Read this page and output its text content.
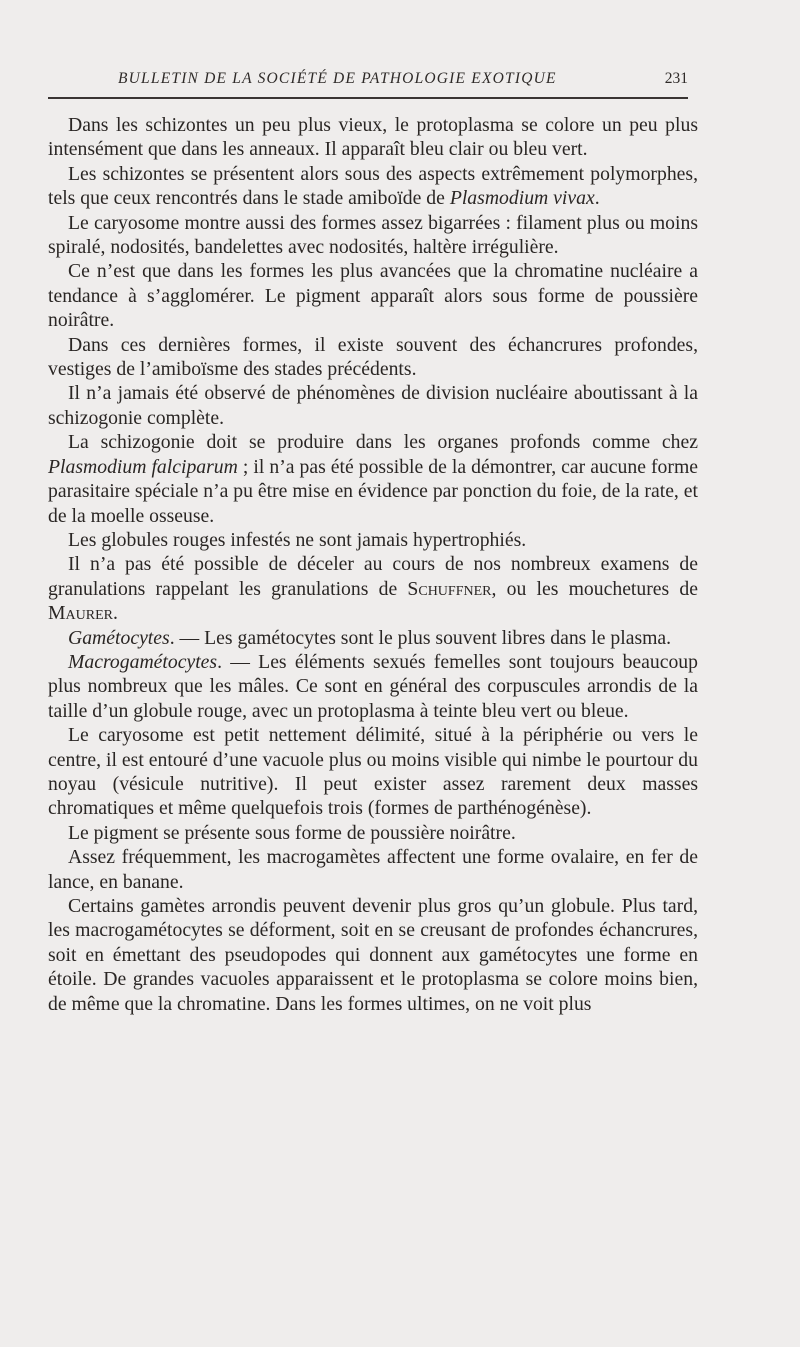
BULLETIN DE LA SOCIÉTÉ DE PATHOLOGIE EXOTIQUE	231

Dans les schizontes un peu plus vieux, le protoplasma se colore un peu plus intensément que dans les anneaux. Il apparaît bleu clair ou bleu vert.

Les schizontes se présentent alors sous des aspects extrêmement polymorphes, tels que ceux rencontrés dans le stade amiboïde de Plasmodium vivax.

Le caryosome montre aussi des formes assez bigarrées : filament plus ou moins spiralé, nodosités, bandelettes avec nodosités, haltère irrégulière.

Ce n’est que dans les formes les plus avancées que la chromatine nucléaire a tendance à s’agglomérer. Le pigment apparaît alors sous forme de poussière noirâtre.

Dans ces dernières formes, il existe souvent des échancrures profondes, vestiges de l’amiboïsme des stades précédents.

Il n’a jamais été observé de phénomènes de division nucléaire aboutissant à la schizogonie complète.

La schizogonie doit se produire dans les organes profonds comme chez Plasmodium falciparum ; il n’a pas été possible de la démontrer, car aucune forme parasitaire spéciale n’a pu être mise en évidence par ponction du foie, de la rate, et de la moelle osseuse.

Les globules rouges infestés ne sont jamais hypertrophiés.

Il n’a pas été possible de déceler au cours de nos nombreux examens de granulations rappelant les granulations de Schuffner, ou les mouchetures de Maurer.

Gamétocytes. — Les gamétocytes sont le plus souvent libres dans le plasma.

Macrogamétocytes. — Les éléments sexués femelles sont toujours beaucoup plus nombreux que les mâles. Ce sont en général des corpuscules arrondis de la taille d’un globule rouge, avec un protoplasma à teinte bleu vert ou bleue.

Le caryosome est petit nettement délimité, situé à la périphérie ou vers le centre, il est entouré d’une vacuole plus ou moins visible qui nimbe le pourtour du noyau (vésicule nutritive). Il peut exister assez rarement deux masses chromatiques et même quelquefois trois (formes de parthénogénèse).

Le pigment se présente sous forme de poussière noirâtre.

Assez fréquemment, les macrogamètes affectent une forme ovalaire, en fer de lance, en banane.

Certains gamètes arrondis peuvent devenir plus gros qu’un globule. Plus tard, les macrogamétocytes se déforment, soit en se creusant de profondes échancrures, soit en émettant des pseudopodes qui donnent aux gamétocytes une forme en étoile. De grandes vacuoles apparaissent et le protoplasma se colore moins bien, de même que la chromatine. Dans les formes ultimes, on ne voit plus
